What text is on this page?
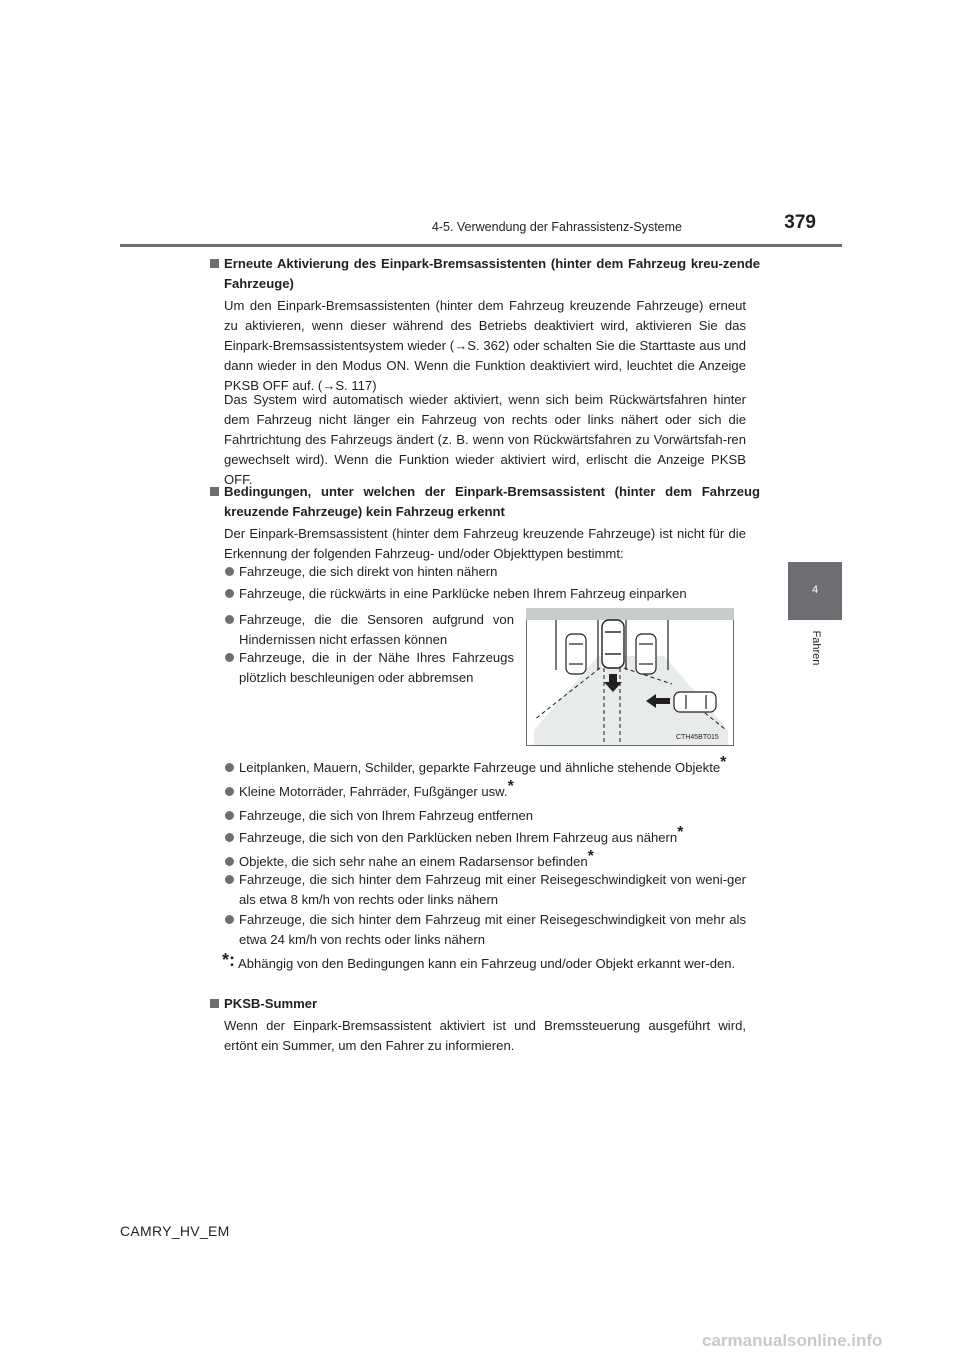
4-5. Verwendung der Fahrassistenz-Systeme	379
4
Fahren
Erneute Aktivierung des Einpark-Bremsassistenten (hinter dem Fahrzeug kreu-zende Fahrzeuge)
Um den Einpark-Bremsassistenten (hinter dem Fahrzeug kreuzende Fahrzeuge) erneut zu aktivieren, wenn dieser während des Betriebs deaktiviert wird, aktivieren Sie das Einpark-Bremsassistentsystem wieder (→S. 362) oder schalten Sie die Starttaste aus und dann wieder in den Modus ON. Wenn die Funktion deaktiviert wird, leuchtet die Anzeige PKSB OFF auf. (→S. 117)
Das System wird automatisch wieder aktiviert, wenn sich beim Rückwärtsfahren hinter dem Fahrzeug nicht länger ein Fahrzeug von rechts oder links nähert oder sich die Fahrtrichtung des Fahrzeugs ändert (z. B. wenn von Rückwärtsfahren zu Vorwärtsfah-ren gewechselt wird). Wenn die Funktion wieder aktiviert wird, erlischt die Anzeige PKSB OFF.
Bedingungen, unter welchen der Einpark-Bremsassistent (hinter dem Fahrzeug kreuzende Fahrzeuge) kein Fahrzeug erkennt
Der Einpark-Bremsassistent (hinter dem Fahrzeug kreuzende Fahrzeuge) ist nicht für die Erkennung der folgenden Fahrzeug- und/oder Objekttypen bestimmt:
Fahrzeuge, die sich direkt von hinten nähern
Fahrzeuge, die rückwärts in eine Parklücke neben Ihrem Fahrzeug einparken
Fahrzeuge, die die Sensoren aufgrund von Hindernissen nicht erfassen können
Fahrzeuge, die in der Nähe Ihres Fahrzeugs plötzlich beschleunigen oder abbremsen
CTH45BT015
Leitplanken, Mauern, Schilder, geparkte Fahrzeuge und ähnliche stehende Objekte*
Kleine Motorräder, Fahrräder, Fußgänger usw.*
Fahrzeuge, die sich von Ihrem Fahrzeug entfernen
Fahrzeuge, die sich von den Parklücken neben Ihrem Fahrzeug aus nähern*
Objekte, die sich sehr nahe an einem Radarsensor befinden*
Fahrzeuge, die sich hinter dem Fahrzeug mit einer Reisegeschwindigkeit von weni-ger als etwa 8 km/h von rechts oder links nähern
Fahrzeuge, die sich hinter dem Fahrzeug mit einer Reisegeschwindigkeit von mehr als etwa 24 km/h von rechts oder links nähern
*: Abhängig von den Bedingungen kann ein Fahrzeug und/oder Objekt erkannt wer-den.
PKSB-Summer
Wenn der Einpark-Bremsassistent aktiviert ist und Bremssteuerung ausgeführt wird, ertönt ein Summer, um den Fahrer zu informieren.
CAMRY_HV_EM
carmanualsonline.info
